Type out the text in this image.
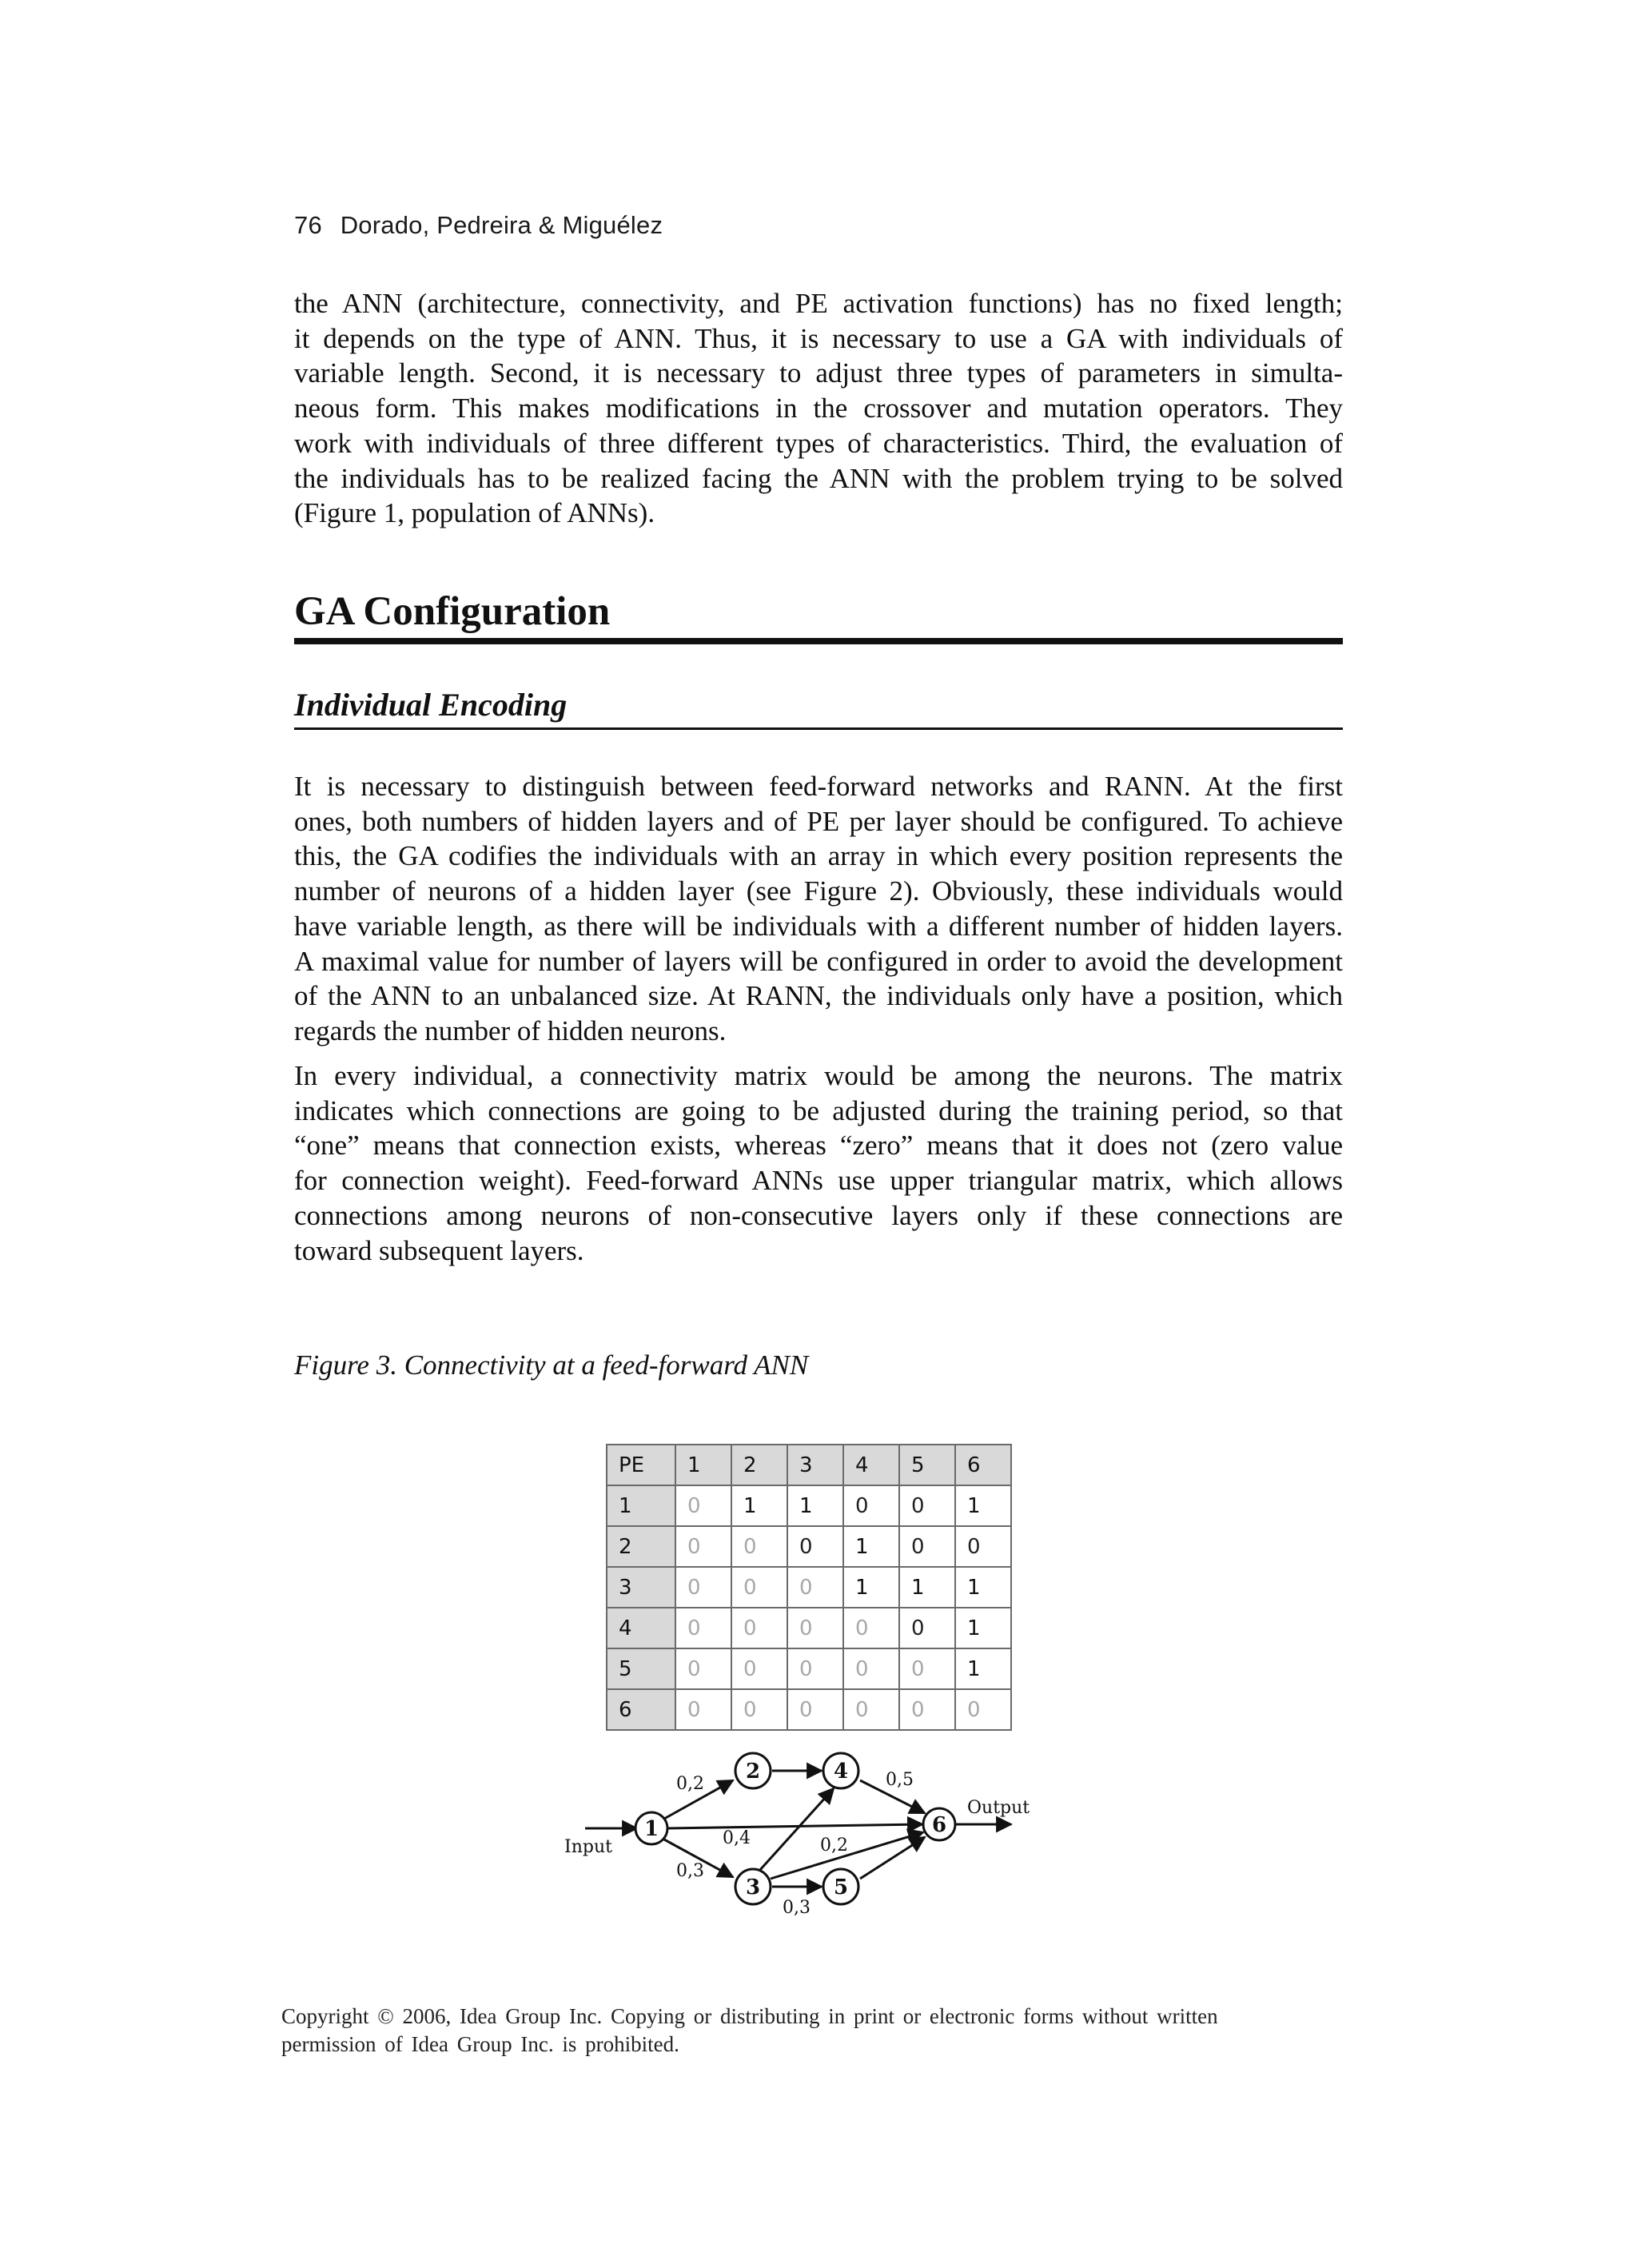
76 Dorado, Pedreira & Miguélez
the ANN (architecture, connectivity, and PE activation functions) has no fixed length;
it depends on the type of ANN. Thus, it is necessary to use a GA with individuals of
variable length. Second, it is necessary to adjust three types of parameters in simulta-
neous form. This makes modifications in the crossover and mutation operators. They
work with individuals of three different types of characteristics. Third, the evaluation of
the individuals has to be realized facing the ANN with the problem trying to be solved
(Figure 1, population of ANNs).
GA Configuration
Individual Encoding
It is necessary to distinguish between feed-forward networks and RANN. At the first
ones, both numbers of hidden layers and of PE per layer should be configured. To achieve
this, the GA codifies the individuals with an array in which every position represents the
number of neurons of a hidden layer (see Figure 2). Obviously, these individuals would
have variable length, as there will be individuals with a different number of hidden layers.
A maximal value for number of layers will be configured in order to avoid the development
of the ANN to an unbalanced size. At RANN, the individuals only have a position, which
regards the number of hidden neurons.
In every individual, a connectivity matrix would be among the neurons. The matrix
indicates which connections are going to be adjusted during the training period, so that
“one” means that connection exists, whereas “zero” means that it does not (zero value
for connection weight). Feed-forward ANNs use upper triangular matrix, which allows
connections among neurons of non-consecutive layers only if these connections are
toward subsequent layers.

Figure 3. Connectivity at a feed-forward ANN

PE	1	2	3	4	5	6
1	0	1	1	0	0	1
2	0	0	0	1	0	0
3	0	0	0	1	1	1
4	0	0	0	0	0	1
5	0	0	0	0	0	1
6	0	0	0	0	0	0
1
2
3
4
5
6
Input
Output
0,2
0,3
0,4
0,5
0,2
0,3

Copyright © 2006, Idea Group Inc. Copying or distributing in print or electronic forms without written permission of Idea Group Inc. is prohibited.
